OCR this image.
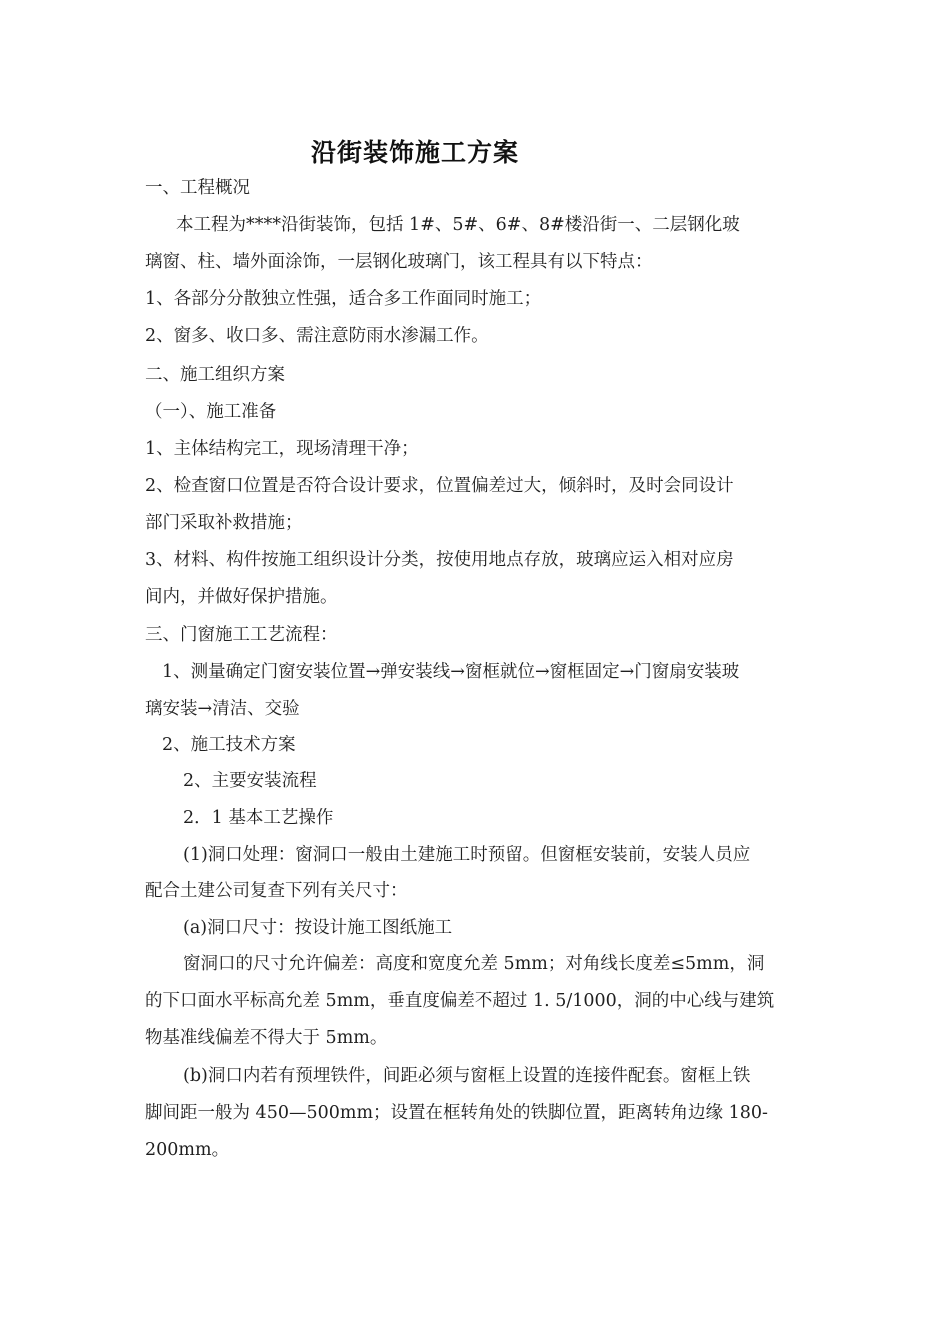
沿街装饰施工方案
一、工程概况
本工程为****沿街装饰，包括 1#、5#、6#、8#楼沿街一、二层钢化玻
璃窗、柱、墙外面涂饰，一层钢化玻璃门，该工程具有以下特点：
1、各部分分散独立性强，适合多工作面同时施工；
2、窗多、收口多、需注意防雨水渗漏工作。
二、施工组织方案
（一）、施工准备
1、主体结构完工，现场清理干净；
2、检查窗口位置是否符合设计要求，位置偏差过大，倾斜时，及时会同设计
部门采取补救措施；
3、材料、构件按施工组织设计分类，按使用地点存放，玻璃应运入相对应房
间内，并做好保护措施。
三、门窗施工工艺流程：
1、测量确定门窗安装位置→弹安装线→窗框就位→窗框固定→门窗扇安装玻
璃安装→清洁、交验
2、施工技术方案
2、主要安装流程
2．1 基本工艺操作
(1)洞口处理：窗洞口一般由土建施工时预留。但窗框安装前，安装人员应
配合土建公司复查下列有关尺寸：
(a)洞口尺寸：按设计施工图纸施工
窗洞口的尺寸允许偏差：高度和宽度允差 5mm；对角线长度差≤5mm，洞
的下口面水平标高允差 5mm，垂直度偏差不超过 1. 5/1000，洞的中心线与建筑
物基准线偏差不得大于 5mm。
(b)洞口内若有预埋铁件，间距必须与窗框上设置的连接件配套。窗框上铁
脚间距一般为 450—500mm；设置在框转角处的铁脚位置，距离转角边缘 180-
200mm。
